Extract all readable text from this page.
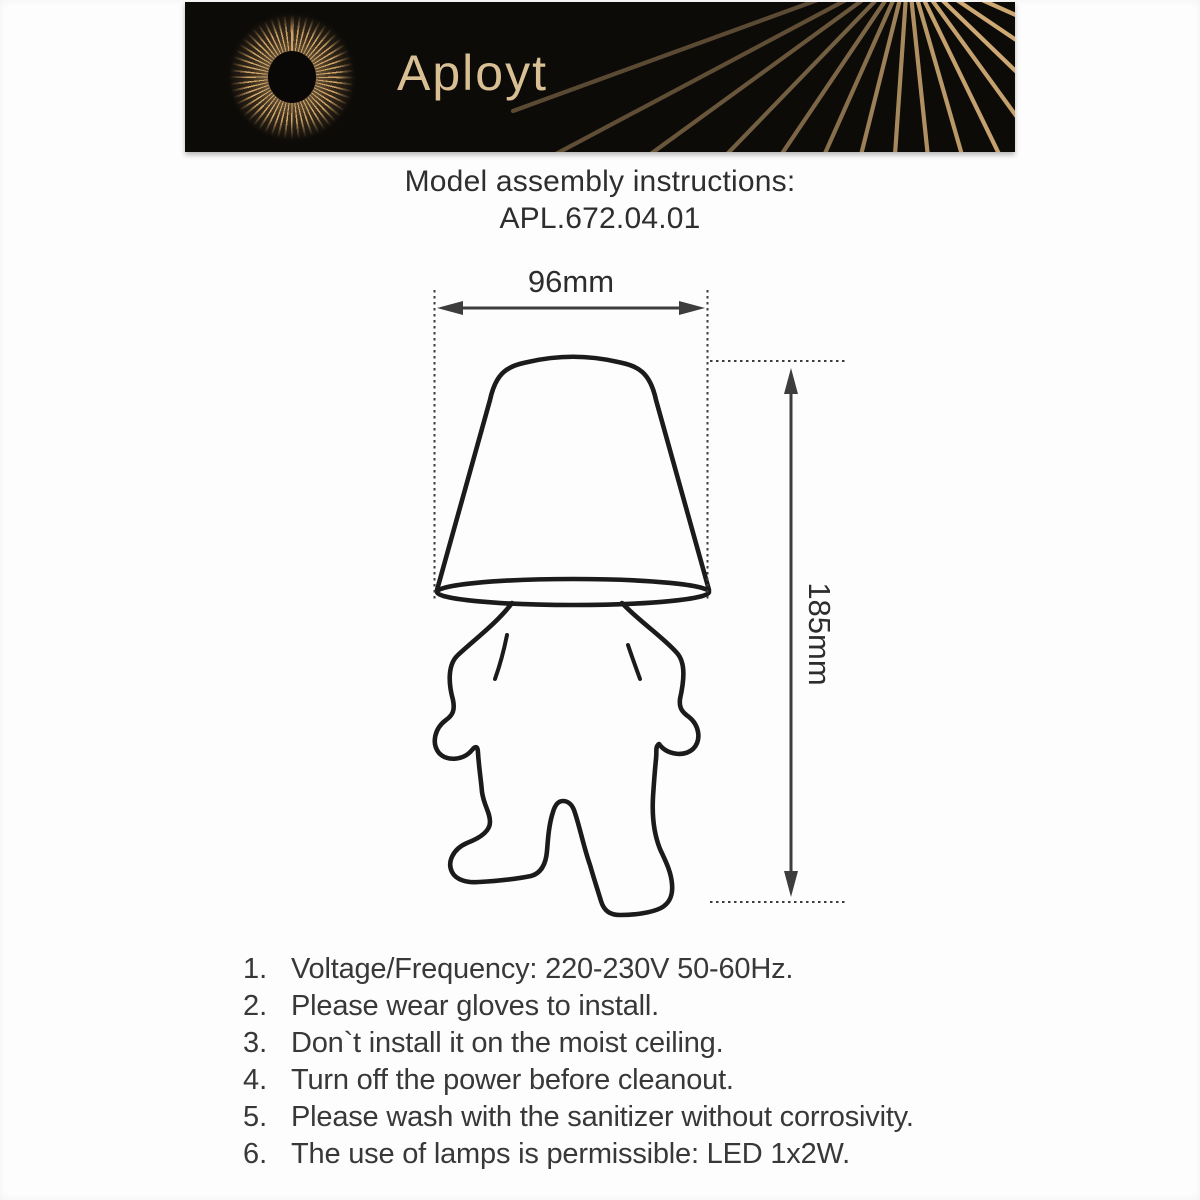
Aployt
Model assembly instructions:
APL.672.04.01
96mm
185mm
1. Voltage/Frequency: 220-230V 50-60Hz.
2. Please wear gloves to install.
3. Don`t install it on the moist ceiling.
4. Turn off the power before cleanout.
5. Please wash with the sanitizer without corrosivity.
6. The use of lamps is permissible: LED 1x2W.
